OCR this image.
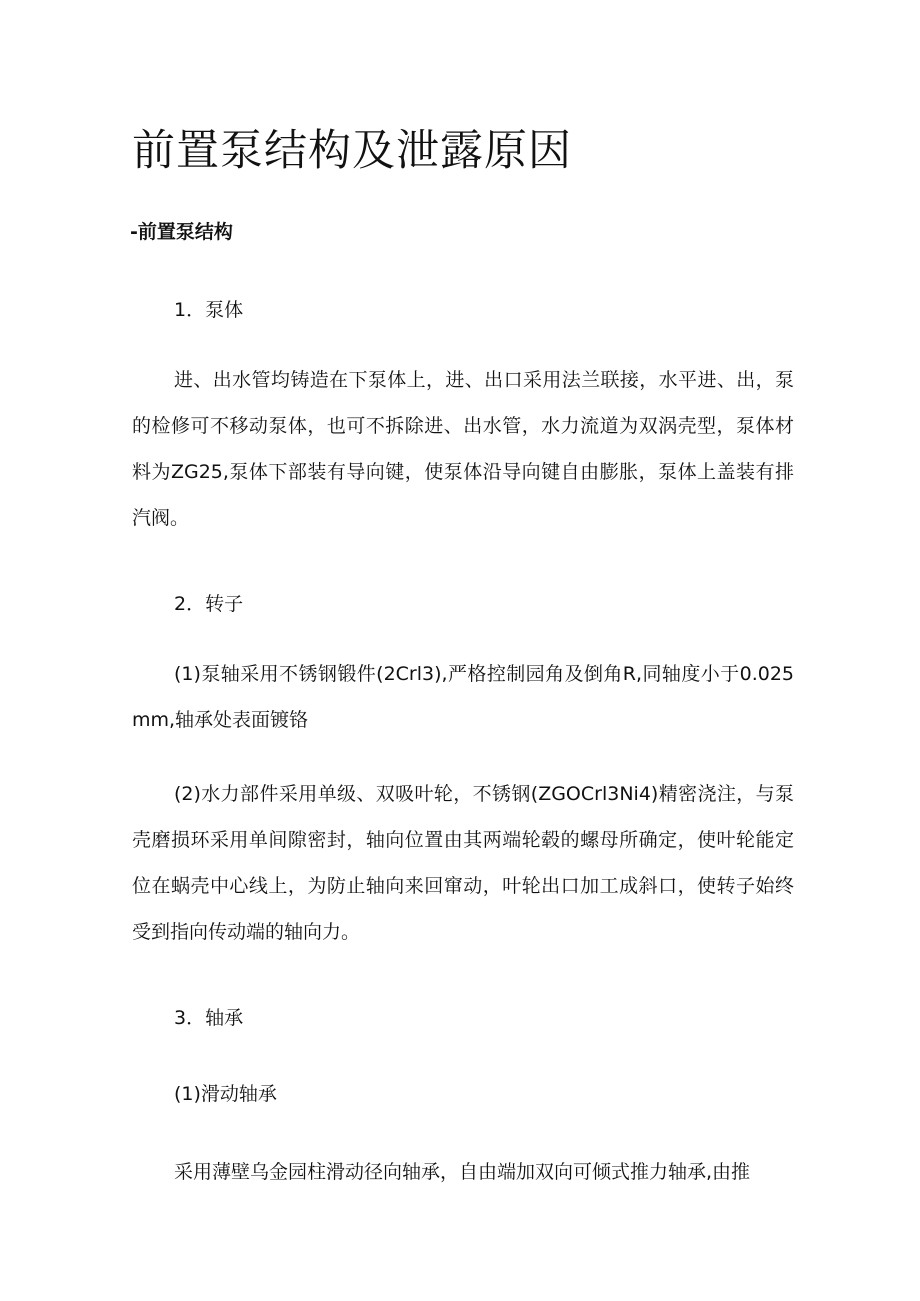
前置泵结构及泄露原因
-前置泵结构
1．泵体

进、出水管均铸造在下泵体上，进、出口采用法兰联接，水平进、出，泵的检修可不移动泵体，也可不拆除进、出水管，水力流道为双涡壳型，泵体材料为ZG25,泵体下部装有导向键，使泵体沿导向键自由膨胀，泵体上盖装有排汽阀。

2．转子

(1)泵轴采用不锈钢锻件(2Crl3),严格控制园角及倒角R,同轴度小于0.025mm,轴承处表面镀铬

(2)水力部件采用单级、双吸叶轮，不锈钢(ZGOCrl3Ni4)精密浇注，与泵壳磨损环采用单间隙密封，轴向位置由其两端轮毂的螺母所确定，使叶轮能定位在蜗壳中心线上，为防止轴向来回窜动，叶轮出口加工成斜口，使转子始终受到指向传动端的轴向力。

3．轴承

(1)滑动轴承

采用薄壁乌金园柱滑动径向轴承，自由端加双向可倾式推力轴承,由推
